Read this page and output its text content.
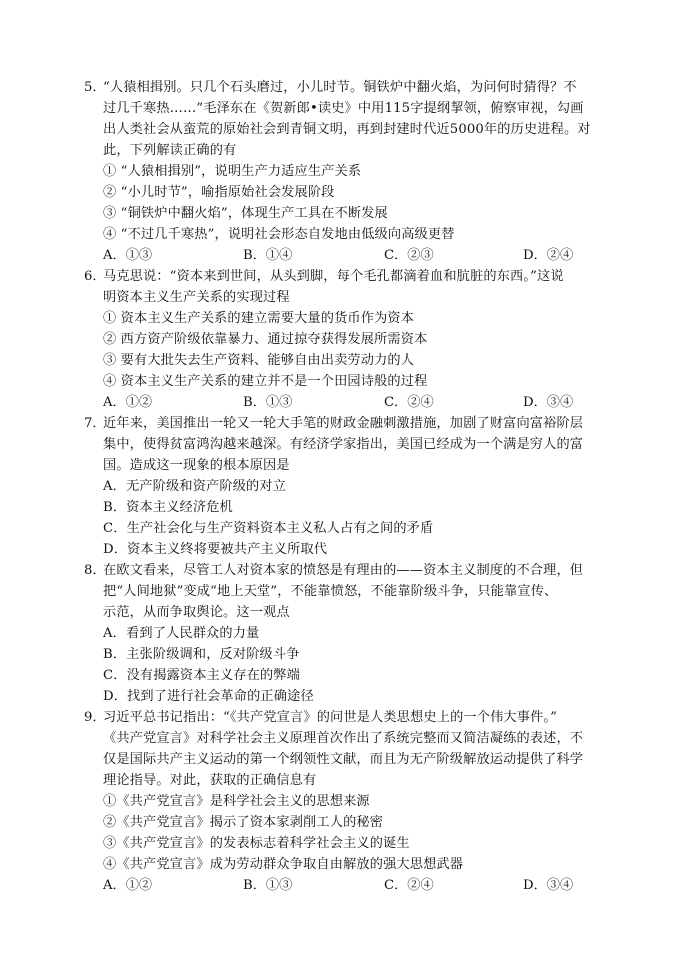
5．
“人猿相揖别。只几个石头磨过，小儿时节。铜铁炉中翻火焰，为问何时猜得？不
过几千寒热……”毛泽东在《贺新郎•读史》中用115字提纲挈领，俯察审视，勾画
出人类社会从蛮荒的原始社会到青铜文明，再到封建时代近5000年的历史进程。对
此，下列解读正确的有
① “人猿相揖别”，说明生产力适应生产关系
② “小儿时节”，喻指原始社会发展阶段
③ “铜铁炉中翻火焰”，体现生产工具在不断发展
④ “不过几千寒热”，说明社会形态自发地由低级向高级更替
A．①③	B．①④	C．②③	D．②④
6．
马克思说：“资本来到世间，从头到脚，每个毛孔都滴着血和肮脏的东西。”这说
明资本主义生产关系的实现过程
① 资本主义生产关系的建立需要大量的货币作为资本
② 西方资产阶级依靠暴力、通过掠夺获得发展所需资本
③ 要有大批失去生产资料、能够自由出卖劳动力的人
④ 资本主义生产关系的建立并不是一个田园诗般的过程
A．①②	B．①③	C．②④	D．③④
7．
近年来，美国推出一轮又一轮大手笔的财政金融刺激措施，加剧了财富向富裕阶层
集中，使得贫富鸿沟越来越深。有经济学家指出，美国已经成为一个满是穷人的富
国。造成这一现象的根本原因是
A．无产阶级和资产阶级的对立
B．资本主义经济危机
C．生产社会化与生产资料资本主义私人占有之间的矛盾
D．资本主义终将要被共产主义所取代
8．
在欧文看来，尽管工人对资本家的愤怒是有理由的——资本主义制度的不合理，但
把“人间地狱”变成“地上天堂”，不能靠愤怒，不能靠阶级斗争，只能靠宣传、
示范，从而争取舆论。这一观点
A．看到了人民群众的力量
B．主张阶级调和，反对阶级斗争
C．没有揭露资本主义存在的弊端
D．找到了进行社会革命的正确途径
9．
习近平总书记指出：“《共产党宣言》的问世是人类思想史上的一个伟大事件。”
《共产党宣言》对科学社会主义原理首次作出了系统完整而又简洁凝练的表述，不
仅是国际共产主义运动的第一个纲领性文献，而且为无产阶级解放运动提供了科学
理论指导。对此，获取的正确信息有
①《共产党宣言》是科学社会主义的思想来源
②《共产党宣言》揭示了资本家剥削工人的秘密
③《共产党宣言》的发表标志着科学社会主义的诞生
④《共产党宣言》成为劳动群众争取自由解放的强大思想武器
A．①②	B．①③	C．②④	D．③④
